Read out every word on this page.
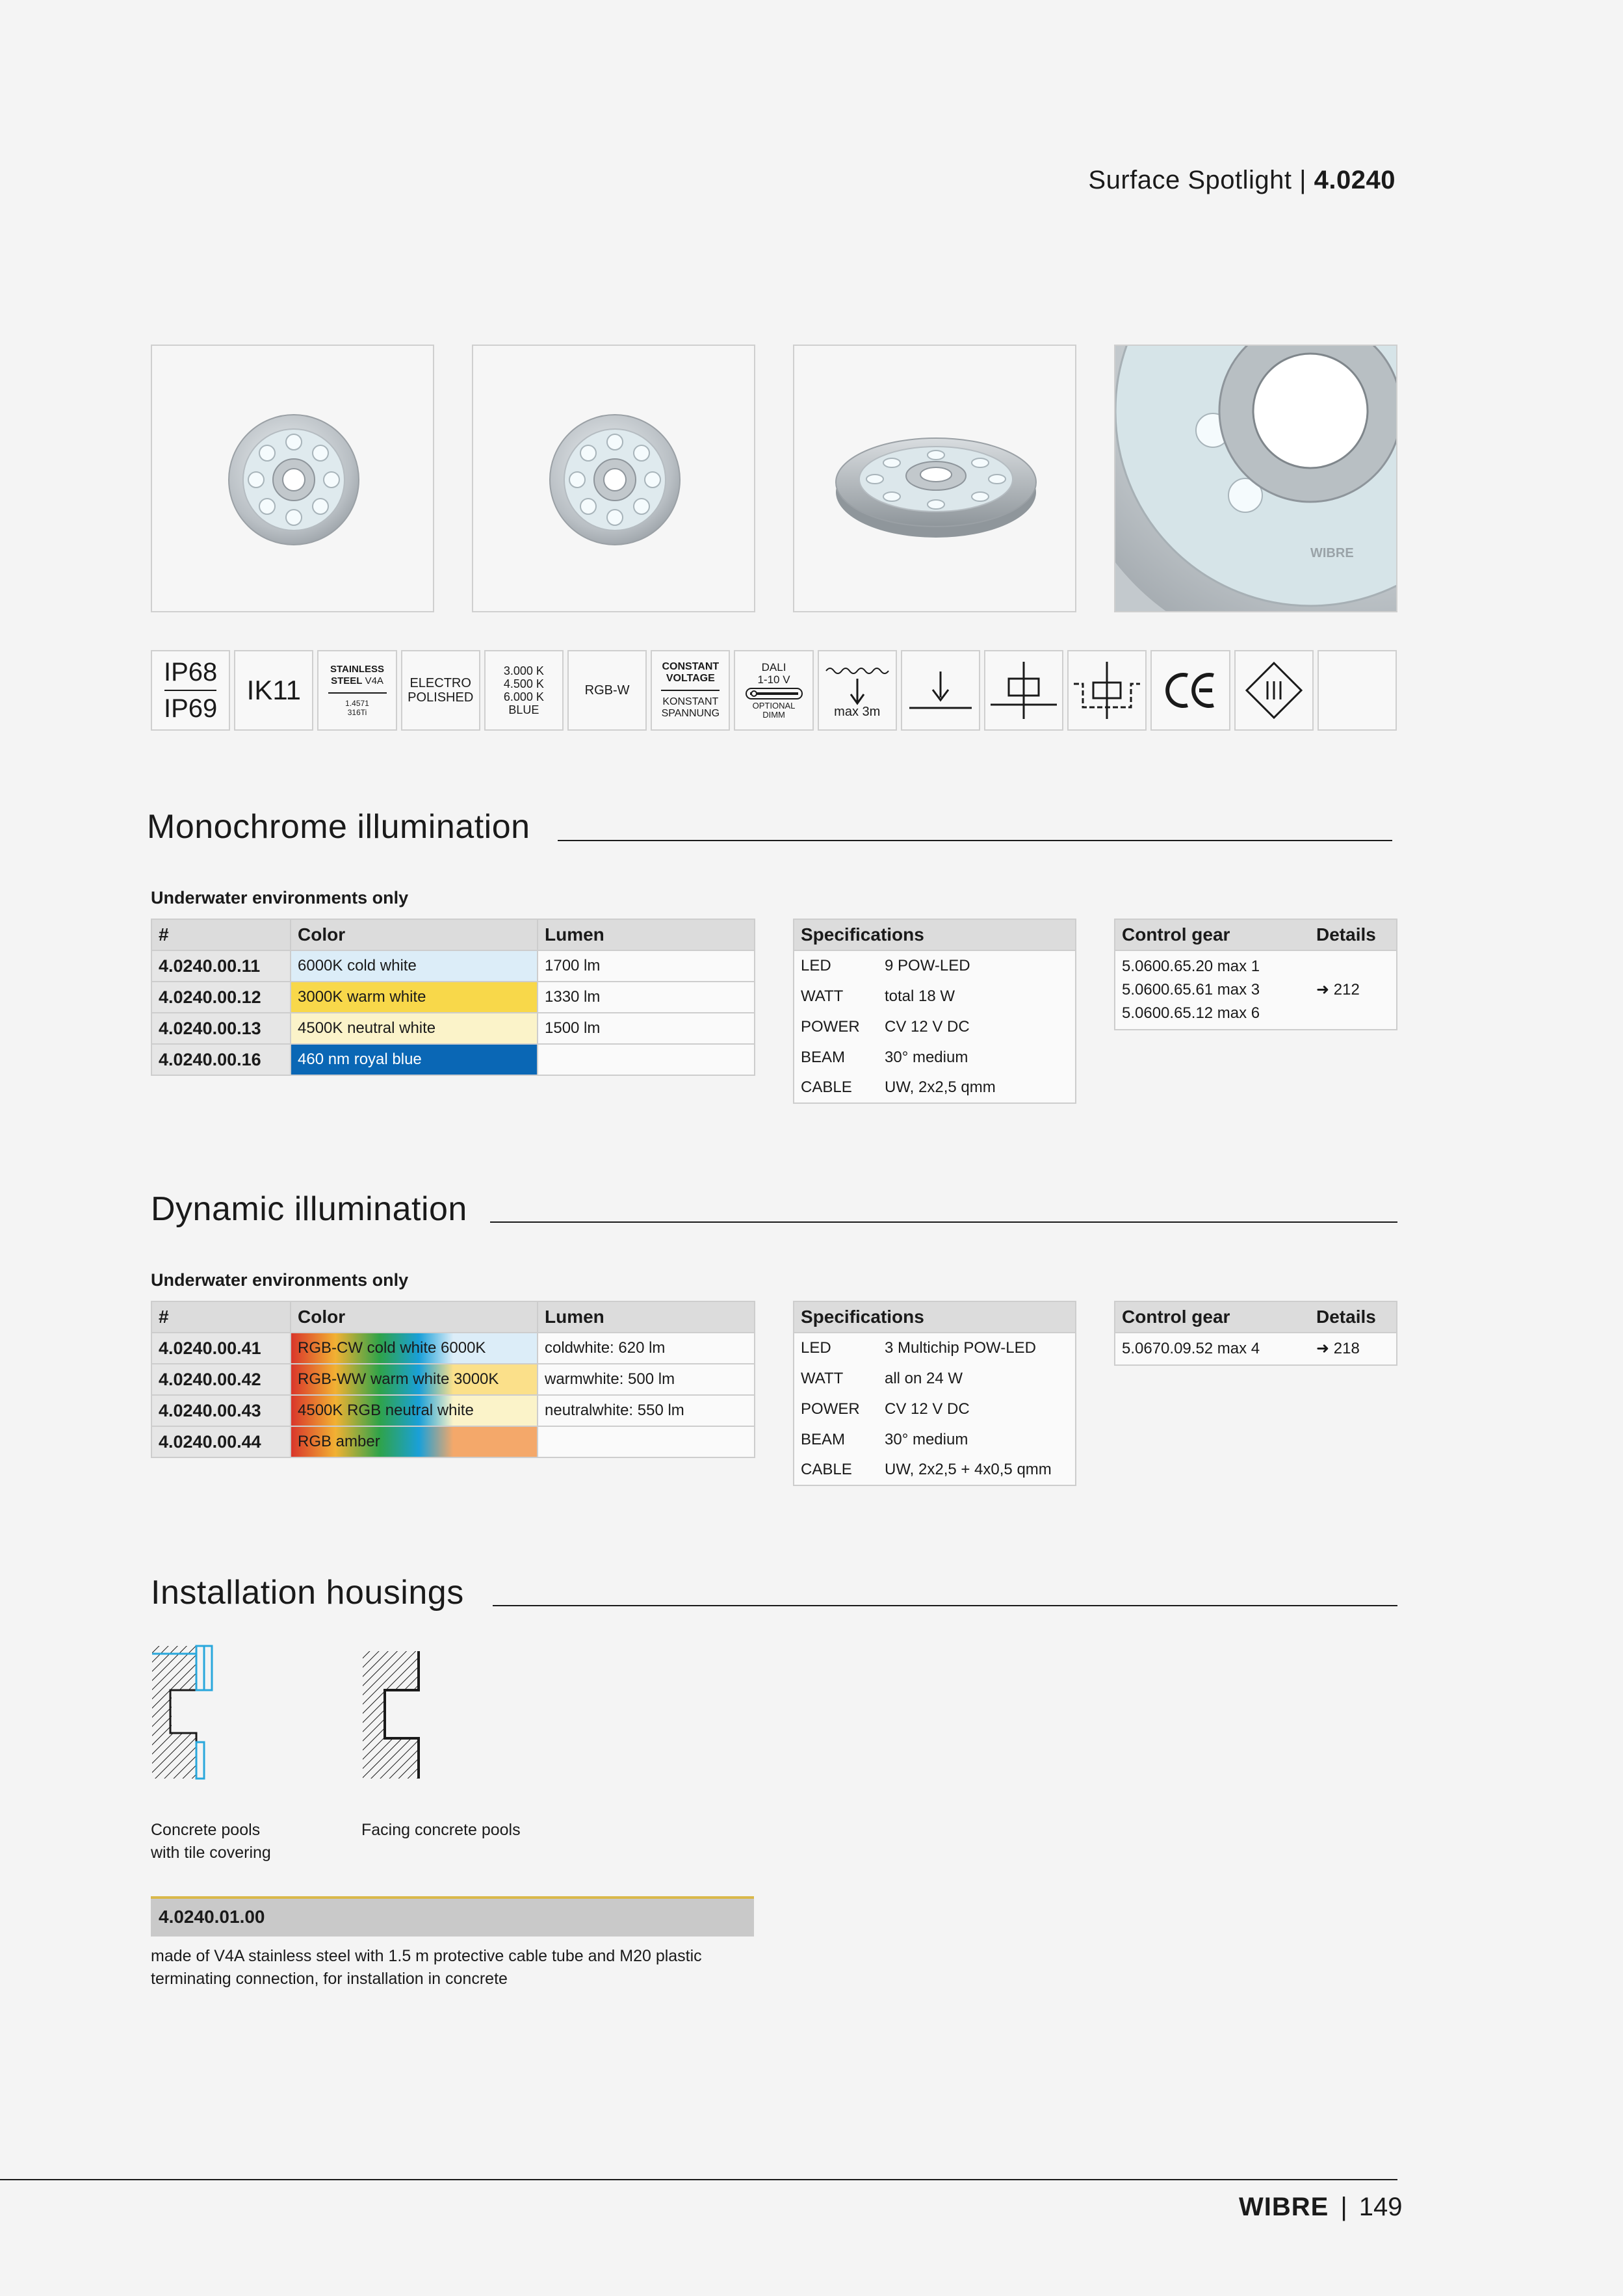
Surface Spotlight | 4.0240
WIBRE
IP68
IP69
IK11
STAINLESS
STEEL V4A
1.4571
316Ti
ELECTRO
POLISHED
3.000 K
4.500 K
6.000 K
BLUE
RGB-W
CONSTANT
VOLTAGE
KONSTANT
SPANNUNG
DALI
1-10 V
OPTIONAL
DIMM	max 3m
Monochrome illumination
Underwater environments only
#	Color	Lumen
4.0240.00.11	6000K cold white	1700 lm
4.0240.00.12	3000K warm white	1330 lm
4.0240.00.13	4500K neutral white	1500 lm
4.0240.00.16	460 nm royal blue	
Specifications	
LED	9 POW-LED
WATT	total 18 W
POWER	CV 12 V DC
BEAM	30° medium
CABLE	UW, 2x2,5 qmm
Control gear	Details

5.0600.65.20 max 1
5.0600.65.61 max 3
5.0600.65.12 max 6	➜ 212
Dynamic illumination
Underwater environments only
#	Color	Lumen
4.0240.00.41	RGB-CW cold white 6000K	coldwhite: 620 lm
4.0240.00.42	RGB-WW warm white 3000K	warmwhite: 500 lm
4.0240.00.43	4500K RGB neutral white	neutralwhite: 550 lm
4.0240.00.44	RGB amber	
Specifications	
LED	3 Multichip POW-LED
WATT	all on 24 W
POWER	CV 12 V DC
BEAM	30° medium
CABLE	UW, 2x2,5 + 4x0,5 qmm
Control gear	Details
5.0670.09.52 max 4	➜ 218
Installation housings
Concrete pools
with tile covering
Facing concrete pools
4.0240.01.00
made of V4A stainless steel with 1.5 m protective cable tube and M20 plastic
terminating connection, for installation in concrete
WIBRE | 149
